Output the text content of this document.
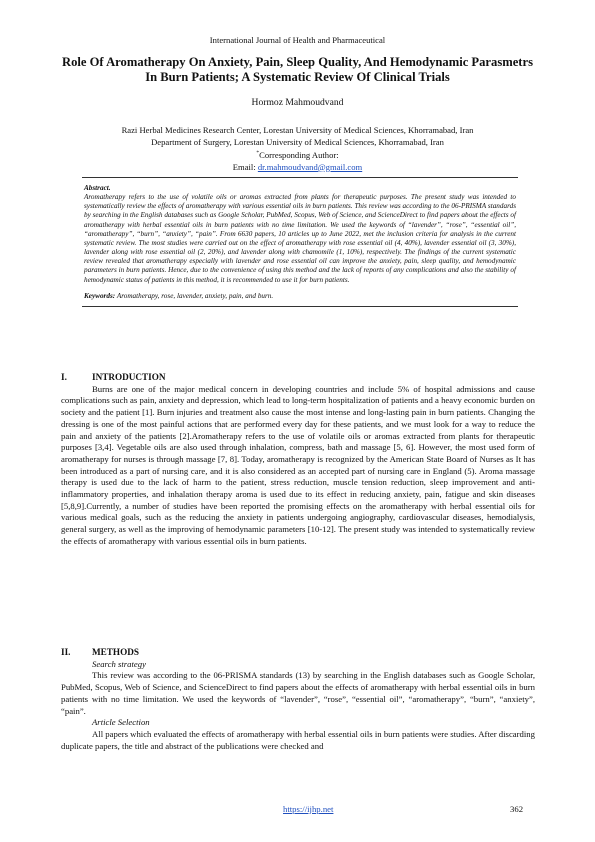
International Journal of Health and Pharmaceutical
Role Of Aromatherapy On Anxiety, Pain, Sleep Quality, And Hemodynamic Parasmetrs In Burn Patients; A Systematic Review Of Clinical Trials
Hormoz Mahmoudvand
Razi Herbal Medicines Research Center, Lorestan University of Medical Sciences, Khorramabad, Iran
Department of Surgery, Lorestan University of Medical Sciences, Khorramabad, Iran
*Corresponding Author:
Email: dr.mahmoudvand@gmail.com
Abstract.

Aromatherapy refers to the use of volatile oils or aromas extracted from plants for therapeutic purposes. The present study was intended to systematically review the effects of aromatherapy with various essential oils in burn patients. This review was according to the 06-PRISMA standards by searching in the English databases such as Google Scholar, PubMed, Scopus, Web of Science, and ScienceDirect to find papers about the effects of aromatherapy with herbal essential oils in burn patients with no time limitation. We used the keywords of “lavender”, “rose”, “essential oil”, “aromatherapy”, “burn”, “anxiety”, “pain”. From 6630 papers, 10 articles up to June 2022, met the inclusion criteria for analysis in the current systematic review. The most studies were carried out on the effect of aromatherapy with rose essential oil (4, 40%), lavender essential oil (3, 30%), lavender along with rose essential oil (2, 20%), and lavender along with chamomile (1, 10%), respectively. The findings of the current systematic review revealed that aromatherapy especially with lavender and rose essential oil can improve the anxiety, pain, sleep quality, and hemodynamic parameters in burn patients. Hence, due to the convenience of using this method and the lack of reports of any complications and also the stability of hemodynamic status of patients in this method, it is recommended to use it for burn patients.

Keywords: Aromatherapy, rose, lavender, anxiety, pain, and burn.
I.	INTRODUCTION

Burns are one of the major medical concern in developing countries and include 5% of hospital admissions and cause complications such as pain, anxiety and depression, which lead to long-term hospitalization of patients and a heavy economic burden on society and the patient [1]. Burn injuries and treatment also cause the most intense and long-lasting pain in burn patients. Changing the dressing is one of the most painful actions that are performed every day for these patients, and we must look for a way to reduce the pain and anxiety of the patients [2].Aromatherapy refers to the use of volatile oils or aromas extracted from plants for therapeutic purposes [3,4]. Vegetable oils are also used through inhalation, compress, bath and massage [5, 6]. However, the most used form of aromatherapy for nurses is through massage [7, 8]. Today, aromatherapy is recognized by the American State Board of Nurses as It has been introduced as a part of nursing care, and it is also considered as an accepted part of nursing care in England (5). Aroma massage therapy is used due to the lack of harm to the patient, stress reduction, muscle tension reduction, sleep improvement and anti-inflammatory properties, and inhalation therapy aroma is used due to its effect in reducing anxiety, pain, fatigue and skin diseases [5,8,9].Currently, a number of studies have been reported the promising effects on the aromatherapy with herbal essential oils for various medical goals, such as the reducing the anxiety in patients undergoing angiography, cardiovascular diseases, hemodialysis, general surgery, as well as the improving of hemodynamic parameters [10-12]. The present study was intended to systematically review the effects of aromatherapy with various essential oils in burn patients.

II. METHODS
Search strategy

This review was according to the 06-PRISMA standards (13) by searching in the English databases such as Google Scholar, PubMed, Scopus, Web of Science, and ScienceDirect to find papers about the effects of aromatherapy with herbal essential oils in burn patients with no time limitation. We used the keywords of “lavender”, “rose”, “essential oil”, “aromatherapy”, “burn”, “anxiety”, “pain”.

Article Selection

All papers which evaluated the effects of aromatherapy with herbal essential oils in burn patients were studies. After discarding duplicate papers, the title and abstract of the publications were checked and

https://ijhp.net	362
